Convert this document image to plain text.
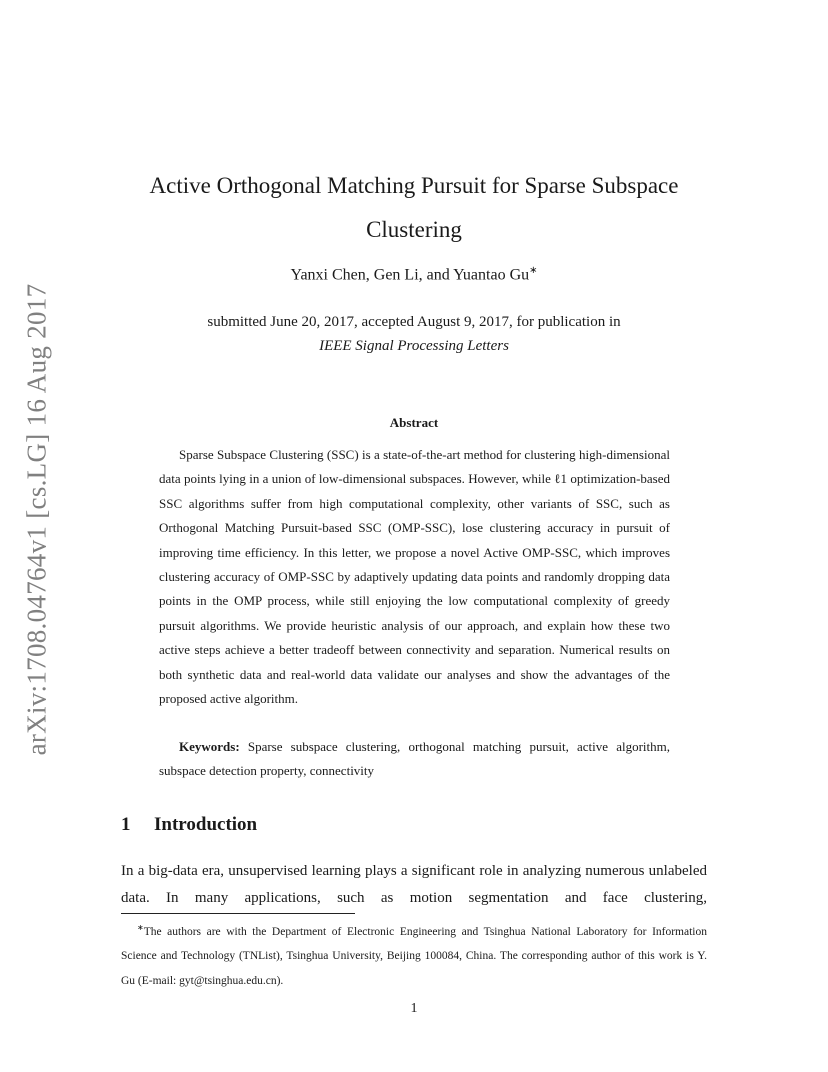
arXiv:1708.04764v1 [cs.LG] 16 Aug 2017
Active Orthogonal Matching Pursuit for Sparse Subspace Clustering
Yanxi Chen, Gen Li, and Yuantao Gu∗
submitted June 20, 2017, accepted August 9, 2017, for publication in
IEEE Signal Processing Letters
Abstract

Sparse Subspace Clustering (SSC) is a state-of-the-art method for clustering high-dimensional data points lying in a union of low-dimensional subspaces. However, while ℓ1 optimization-based SSC algorithms suffer from high computational complexity, other variants of SSC, such as Orthogonal Matching Pursuit-based SSC (OMP-SSC), lose clustering accuracy in pursuit of improving time efficiency. In this letter, we propose a novel Active OMP-SSC, which improves clustering accuracy of OMP-SSC by adaptively updating data points and randomly dropping data points in the OMP process, while still enjoying the low computational complexity of greedy pursuit algorithms. We provide heuristic analysis of our approach, and explain how these two active steps achieve a better tradeoff between connectivity and separation. Numerical results on both synthetic data and real-world data validate our analyses and show the advantages of the proposed active algorithm.

Keywords: Sparse subspace clustering, orthogonal matching pursuit, active algorithm, subspace detection property, connectivity

1 Introduction

In a big-data era, unsupervised learning plays a significant role in analyzing numerous unlabeled data. In many applications, such as motion segmentation and face clustering,

∗The authors are with the Department of Electronic Engineering and Tsinghua National Laboratory for Information Science and Technology (TNList), Tsinghua University, Beijing 100084, China. The corresponding author of this work is Y. Gu (E-mail: gyt@tsinghua.edu.cn).

1
